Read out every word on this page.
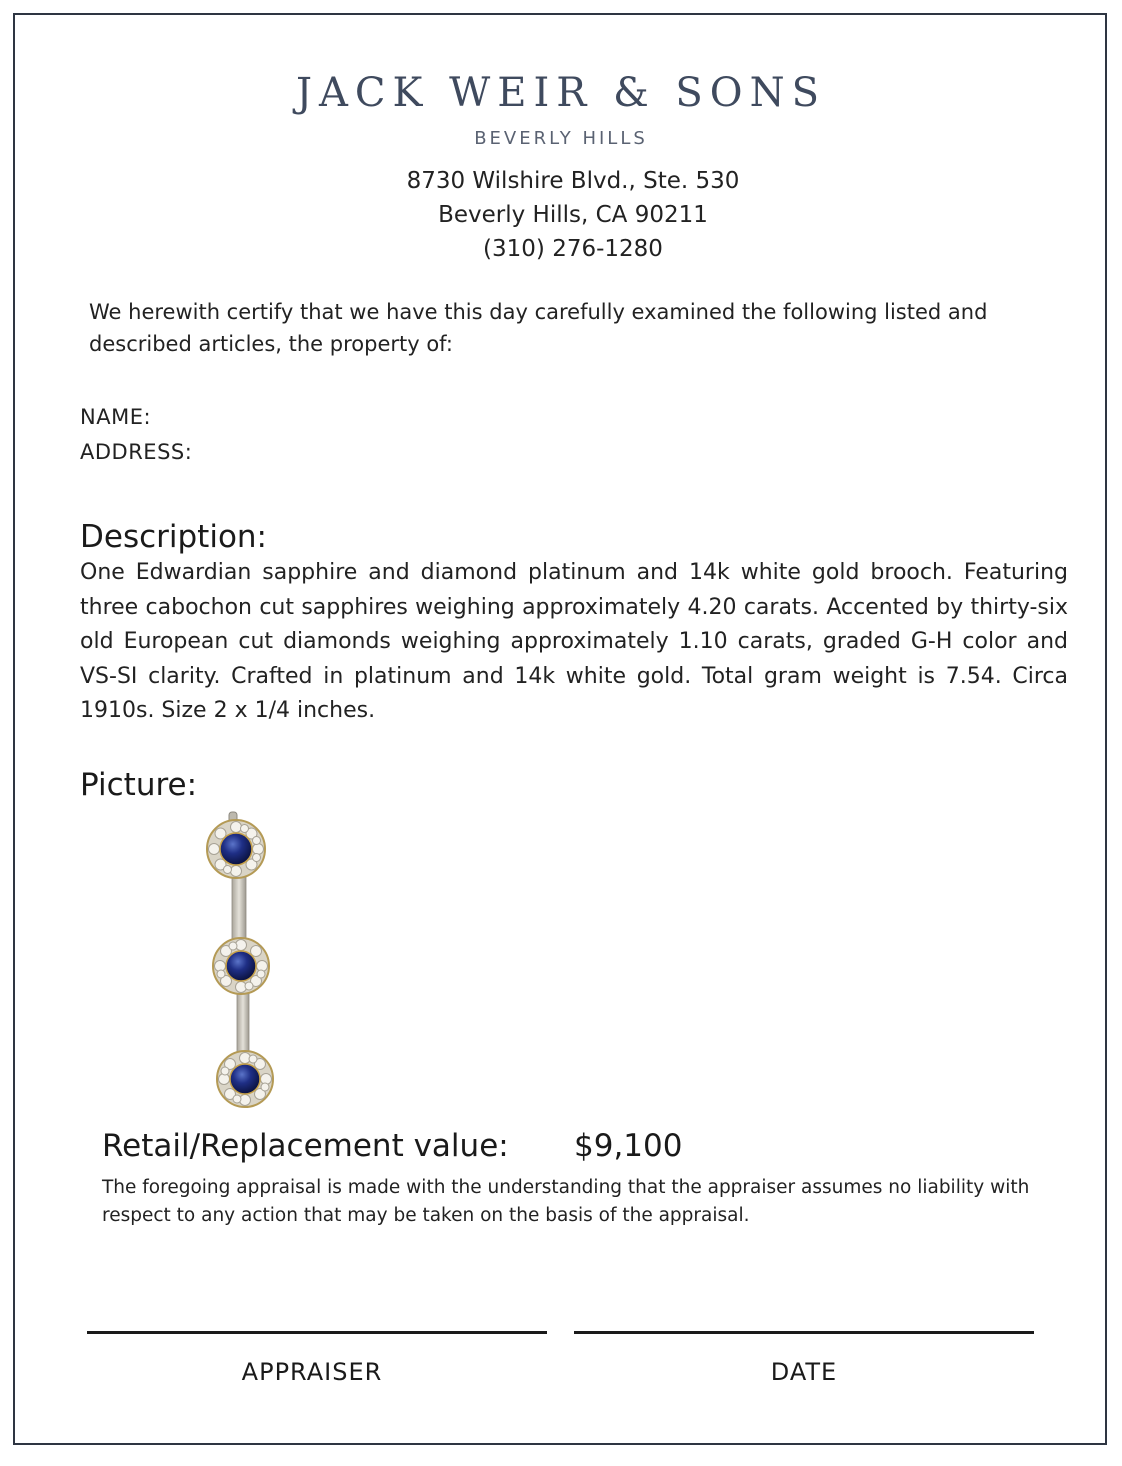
JACK WEIR & SONS
BEVERLY HILLS
8730 Wilshire Blvd., Ste. 530
Beverly Hills, CA 90211
(310) 276-1280
We herewith certify that we have this day carefully examined the following listed and described articles, the property of:
NAME:
ADDRESS:
Description:
One Edwardian sapphire and diamond platinum and 14k white gold brooch. Featuring three cabochon cut sapphires weighing approximately 4.20 carats. Accented by thirty-six old European cut diamonds weighing approximately 1.10 carats, graded G-H color and VS-SI clarity. Crafted in platinum and 14k white gold. Total gram weight is 7.54. Circa 1910s. Size 2 x 1/4 inches.
Picture:
Retail/Replacement value: $9,100
The foregoing appraisal is made with the understanding that the appraiser assumes no liability with respect to any action that may be taken on the basis of the appraisal.
APPRAISER	DATE
